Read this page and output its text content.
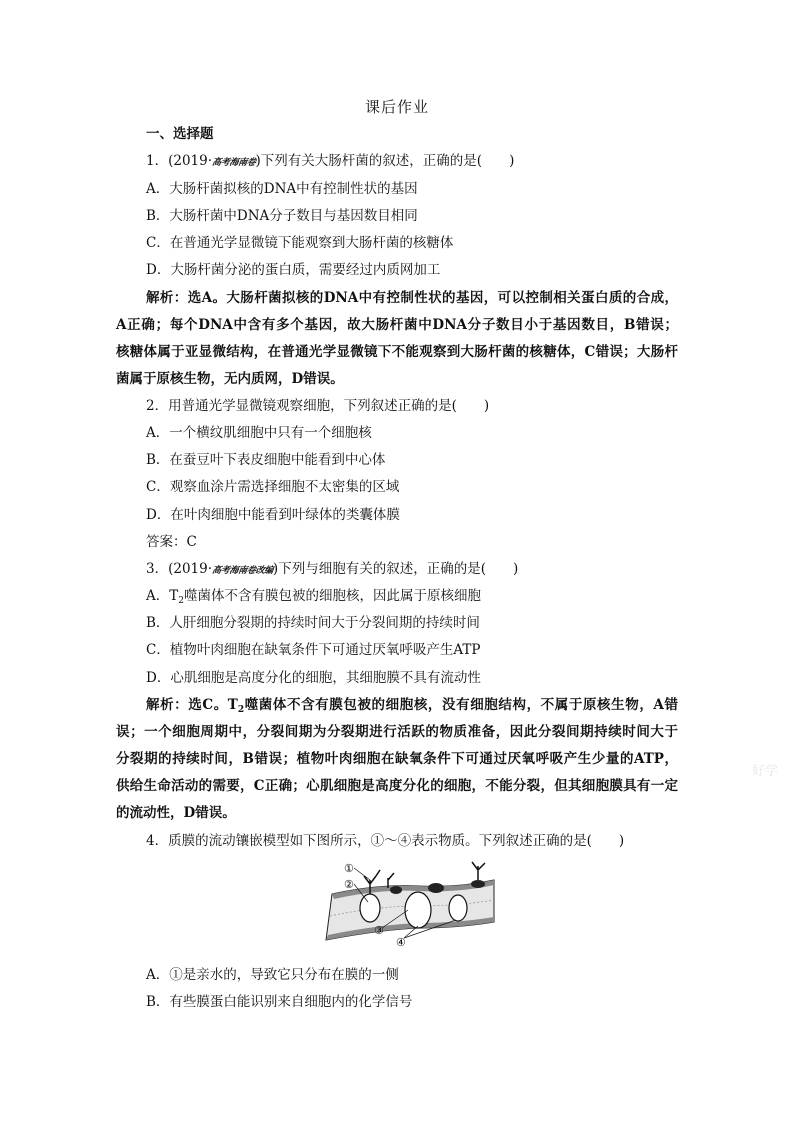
课后作业
一、选择题
1．(2019·高考海南卷)下列有关大肠杆菌的叙述，正确的是(　　)
A．大肠杆菌拟核的DNA中有控制性状的基因
B．大肠杆菌中DNA分子数目与基因数目相同
C．在普通光学显微镜下能观察到大肠杆菌的核糖体
D．大肠杆菌分泌的蛋白质，需要经过内质网加工
解析：选A。大肠杆菌拟核的DNA中有控制性状的基因，可以控制相关蛋白质的合成，
A正确；每个DNA中含有多个基因，故大肠杆菌中DNA分子数目小于基因数目，B错误；
核糖体属于亚显微结构，在普通光学显微镜下不能观察到大肠杆菌的核糖体，C错误；大肠杆
菌属于原核生物，无内质网，D错误。
2．用普通光学显微镜观察细胞，下列叙述正确的是(　　)
A．一个横纹肌细胞中只有一个细胞核
B．在蚕豆叶下表皮细胞中能看到中心体
C．观察血涂片需选择细胞不太密集的区域
D．在叶肉细胞中能看到叶绿体的类囊体膜
答案：C
3．(2019·高考海南卷改编)下列与细胞有关的叙述，正确的是(　　)
A．$T_2$噬菌体不含有膜包被的细胞核，因此属于原核细胞
B．人肝细胞分裂期的持续时间大于分裂间期的持续时间
C．植物叶肉细胞在缺氧条件下可通过厌氧呼吸产生ATP
D．心肌细胞是高度分化的细胞，其细胞膜不具有流动性
解析：选C。$T_2$噬菌体不含有膜包被的细胞核，没有细胞结构，不属于原核生物，A错
误；一个细胞周期中，分裂间期为分裂期进行活跃的物质准备，因此分裂间期持续时间大于
分裂期的持续时间，B错误；植物叶肉细胞在缺氧条件下可通过厌氧呼吸产生少量的ATP，
供给生命活动的需要，C正确；心肌细胞是高度分化的细胞，不能分裂，但其细胞膜具有一定
的流动性，D错误。
好学
4．质膜的流动镶嵌模型如下图所示，①～④表示物质。下列叙述正确的是(　　)
①
②
③
④
A．①是亲水的，导致它只分布在膜的一侧
B．有些膜蛋白能识别来自细胞内的化学信号
